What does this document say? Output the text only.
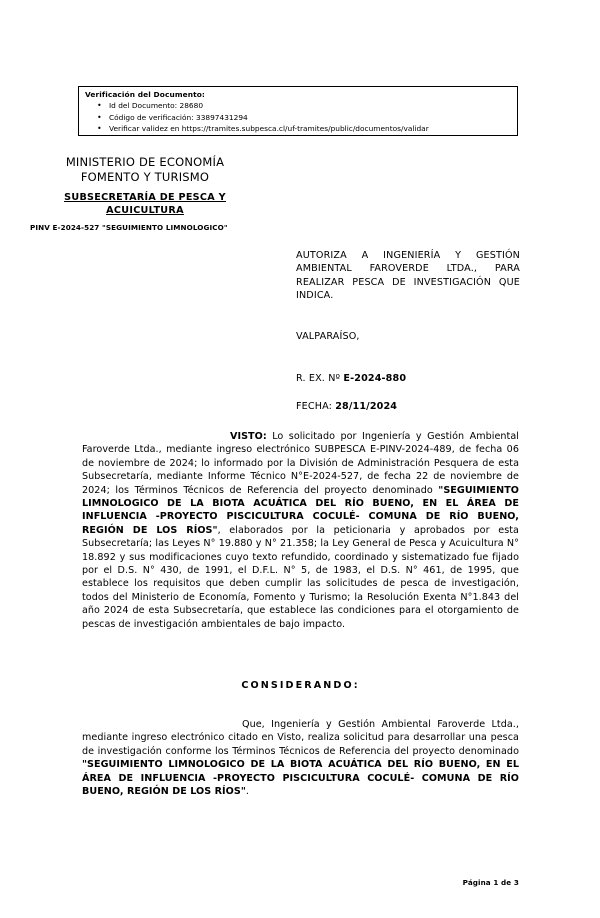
Verificación del Documento:
• Id del Documento: 28680
• Código de verificación: 33897431294
• Verificar validez en https://tramites.subpesca.cl/uf-tramites/public/documentos/validar
MINISTERIO DE ECONOMÍA
FOMENTO Y TURISMO
SUBSECRETARÍA DE PESCA Y
ACUICULTURA
PINV E-2024-527 "SEGUIMIENTO LIMNOLOGICO"
AUTORIZA A INGENIERÍA Y GESTIÓN AMBIENTAL FAROVERDE LTDA., PARA REALIZAR PESCA DE INVESTIGACIÓN QUE INDICA.
VALPARAÍSO,
R. EX. Nº E-2024-880
FECHA: 28/11/2024
VISTO: Lo solicitado por Ingeniería y Gestión Ambiental Faroverde Ltda., mediante ingreso electrónico SUBPESCA E-PINV-2024-489, de fecha 06 de noviembre de 2024; lo informado por la División de Administración Pesquera de esta Subsecretaría, mediante Informe Técnico N°E-2024-527, de fecha 22 de noviembre de 2024; los Términos Técnicos de Referencia del proyecto denominado "SEGUIMIENTO LIMNOLOGICO DE LA BIOTA ACUÁTICA DEL RÍO BUENO, EN EL ÁREA DE INFLUENCIA -PROYECTO PISCICULTURA COCULÉ- COMUNA DE RÍO BUENO, REGIÓN DE LOS RÍOS", elaborados por la peticionaria y aprobados por esta Subsecretaría; las Leyes N° 19.880 y N° 21.358; la Ley General de Pesca y Acuicultura N° 18.892 y sus modificaciones cuyo texto refundido, coordinado y sistematizado fue fijado por el D.S. N° 430, de 1991, el D.F.L. N° 5, de 1983, el D.S. N° 461, de 1995, que establece los requisitos que deben cumplir las solicitudes de pesca de investigación, todos del Ministerio de Economía, Fomento y Turismo; la Resolución Exenta N°1.843 del año 2024 de esta Subsecretaría, que establece las condiciones para el otorgamiento de pescas de investigación ambientales de bajo impacto.
CONSIDERANDO:
Que, Ingeniería y Gestión Ambiental Faroverde Ltda., mediante ingreso electrónico citado en Visto, realiza solicitud para desarrollar una pesca de investigación conforme los Términos Técnicos de Referencia del proyecto denominado "SEGUIMIENTO LIMNOLOGICO DE LA BIOTA ACUÁTICA DEL RÍO BUENO, EN EL ÁREA DE INFLUENCIA -PROYECTO PISCICULTURA COCULÉ- COMUNA DE RÍO BUENO, REGIÓN DE LOS RÍOS".
Página 1 de 3
